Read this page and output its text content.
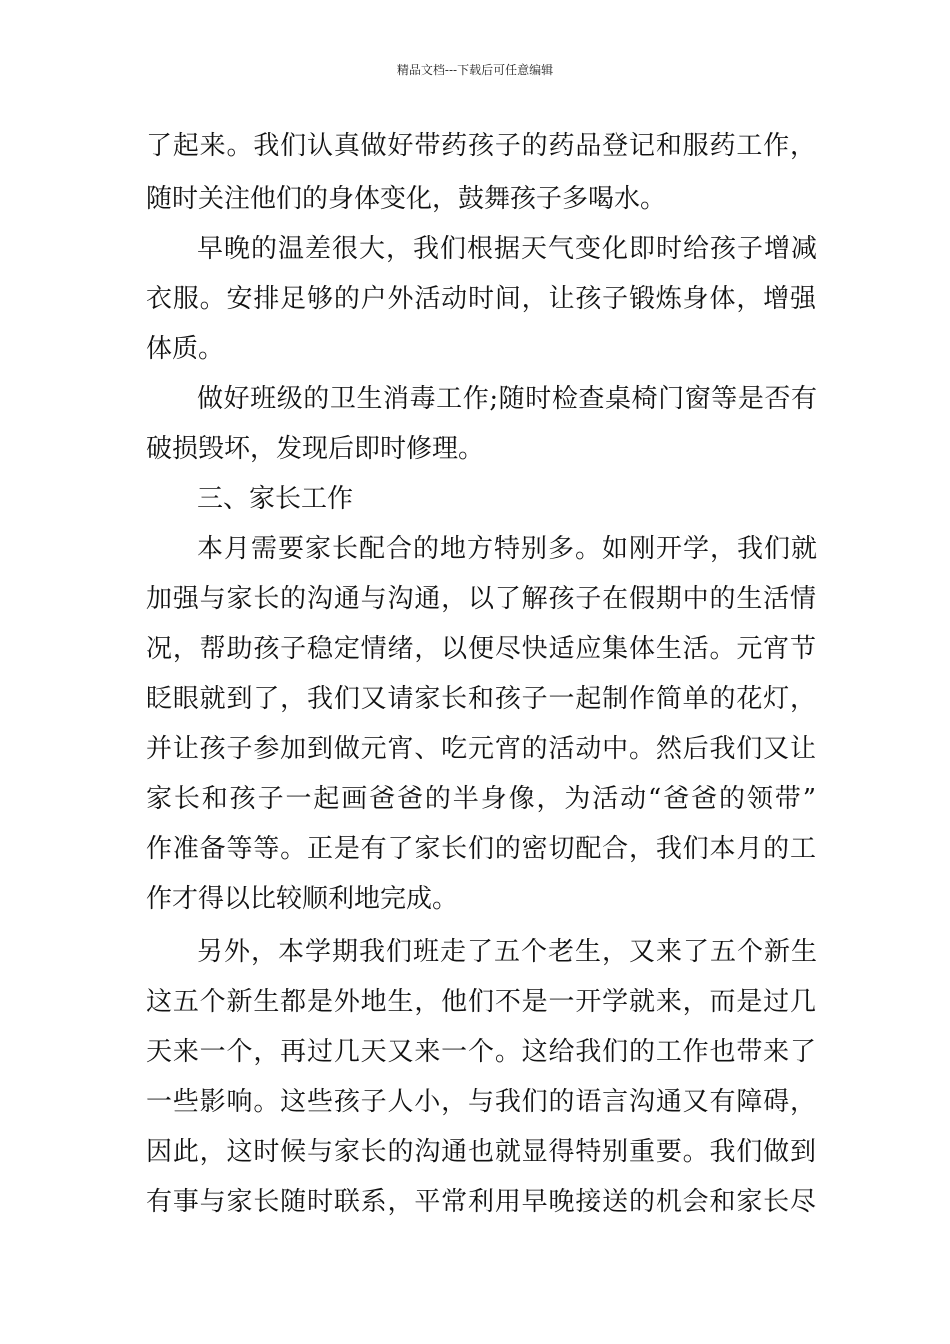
精品文档---下载后可任意编辑
了起来。我们认真做好带药孩子的药品登记和服药工作，
随时关注他们的身体变化，鼓舞孩子多喝水。
早晚的温差很大，我们根据天气变化即时给孩子增减
衣服。安排足够的户外活动时间，让孩子锻炼身体，增强
体质。
做好班级的卫生消毒工作;随时检查桌椅门窗等是否有
破损毁坏，发现后即时修理。
三、家长工作
本月需要家长配合的地方特别多。如刚开学，我们就
加强与家长的沟通与沟通，以了解孩子在假期中的生活情
况，帮助孩子稳定情绪，以便尽快适应集体生活。元宵节
眨眼就到了，我们又请家长和孩子一起制作简单的花灯，
并让孩子参加到做元宵、吃元宵的活动中。然后我们又让
家长和孩子一起画爸爸的半身像，为活动“爸爸的领带”
作准备等等。正是有了家长们的密切配合，我们本月的工
作才得以比较顺利地完成。
另外，本学期我们班走了五个老生，又来了五个新生
这五个新生都是外地生，他们不是一开学就来，而是过几
天来一个，再过几天又来一个。这给我们的工作也带来了
一些影响。这些孩子人小，与我们的语言沟通又有障碍，
因此，这时候与家长的沟通也就显得特别重要。我们做到
有事与家长随时联系，平常利用早晚接送的机会和家长尽
